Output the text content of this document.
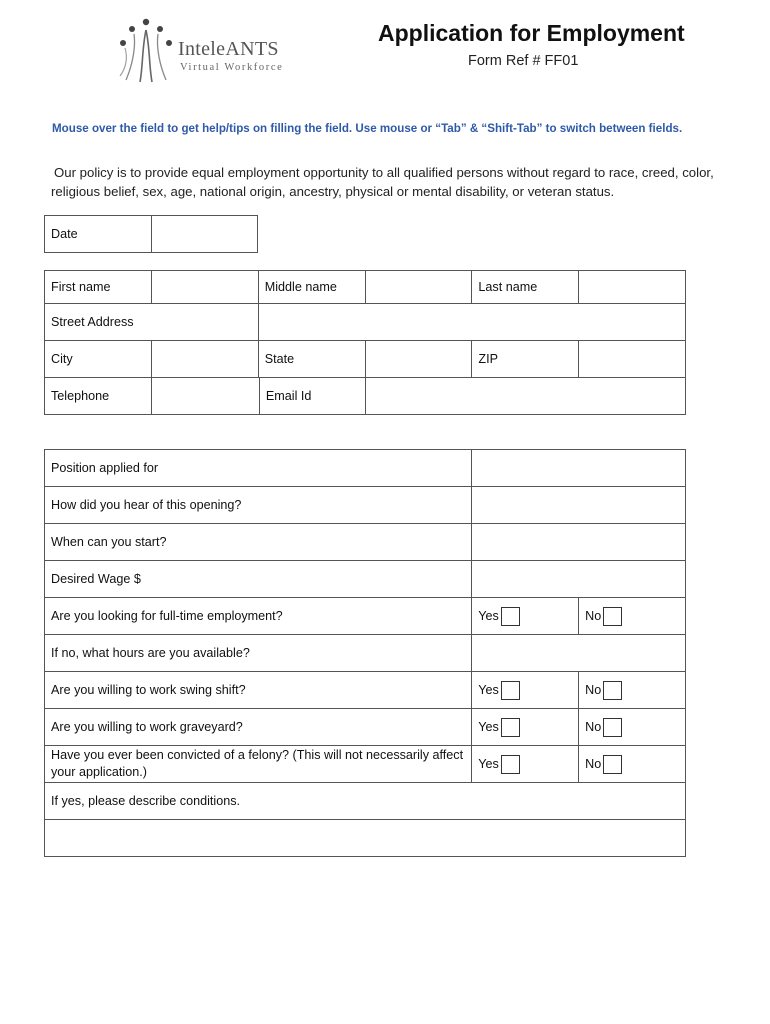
InteleANTS
Virtual Workforce
Application for Employment
Form Ref # FF01
Mouse over the field to get help/tips on filling the field. Use mouse or “Tab” & “Shift-Tab” to switch between fields.
Our policy is to provide equal employment opportunity to all qualified persons without regard to race, creed, color, religious belief, sex, age, national origin, ancestry, physical or mental disability, or veteran status.
Date	
First name		Middle name		Last name	
Street Address					
City		State		ZIP	
Telephone	Email Id				

Position applied for		
How did you hear of this opening?		
When can you start?		
Desired Wage $		
Are you looking for full-time employment?	Yes	No
If no, what hours are you available?		
Are you willing to work swing shift?	Yes	No
Are you willing to work graveyard?	Yes	No
Have you ever been convicted of a felony? (This will not necessarily affect your application.)	Yes	No
If yes, please describe conditions.		
